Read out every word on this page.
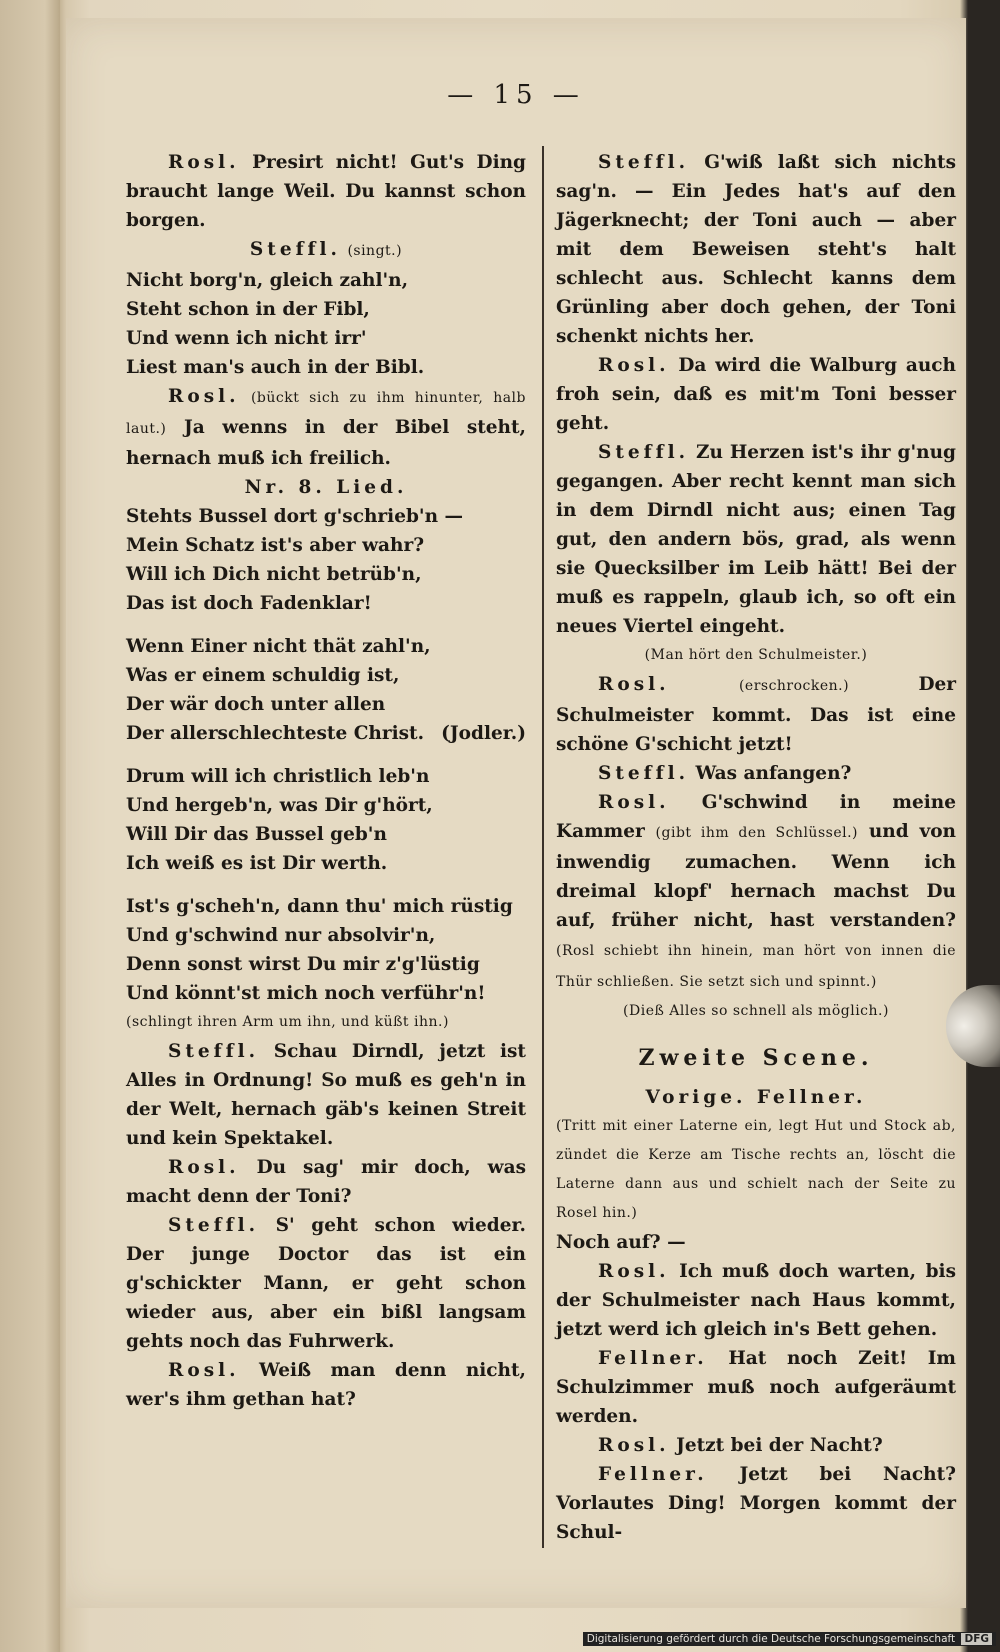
— 15 —

Rosl. Presirt nicht! Gut's Ding braucht lange Weil. Du kannst schon borgen.

Steffl. (singt.)

Nicht borg'n, gleich zahl'n,

Steht schon in der Fibl,

Und wenn ich nicht irr'

Liest man's auch in der Bibl.

Rosl. (bückt sich zu ihm hinunter, halb laut.) Ja wenns in der Bibel steht, hernach muß ich freilich.

Nr. 8. Lied.

Stehts Bussel dort g'schrieb'n —

Mein Schatz ist's aber wahr?

Will ich Dich nicht betrüb'n,

Das ist doch Fadenklar!

Wenn Einer nicht thät zahl'n,

Was er einem schuldig ist,

Der wär doch unter allen

Der allerschlechteste Christ. (Jodler.)

Drum will ich christlich leb'n

Und hergeb'n, was Dir g'hört,

Will Dir das Bussel geb'n

Ich weiß es ist Dir werth.

Ist's g'scheh'n, dann thu' mich rüstig

Und g'schwind nur absolvir'n,

Denn sonst wirst Du mir z'g'lüstig

Und könnt'st mich noch verführ'n!

(schlingt ihren Arm um ihn, und küßt ihn.)

Steffl. Schau Dirndl, jetzt ist Alles in Ordnung! So muß es geh'n in der Welt, hernach gäb's keinen Streit und kein Spektakel.

Rosl. Du sag' mir doch, was macht denn der Toni?

Steffl. S' geht schon wieder. Der junge Doctor das ist ein g'schickter Mann, er geht schon wieder aus, aber ein bißl langsam gehts noch das Fuhrwerk.

Rosl. Weiß man denn nicht, wer's ihm gethan hat?

Steffl. G'wiß laßt sich nichts sag'n. — Ein Jedes hat's auf den Jägerknecht; der Toni auch — aber mit dem Beweisen steht's halt schlecht aus. Schlecht kanns dem Grünling aber doch gehen, der Toni schenkt nichts her.

Rosl. Da wird die Walburg auch froh sein, daß es mit'm Toni besser geht.

Steffl. Zu Herzen ist's ihr g'nug gegangen. Aber recht kennt man sich in dem Dirndl nicht aus; einen Tag gut, den andern bös, grad, als wenn sie Quecksilber im Leib hätt! Bei der muß es rappeln, glaub ich, so oft ein neues Viertel eingeht.

(Man hört den Schulmeister.)

Rosl.	(erschrocken.)	Der Schulmeister kommt. Das ist eine schöne G'schicht jetzt!

Steffl. Was anfangen?

Rosl. G'schwind in meine Kammer (gibt ihm den Schlüssel.) und von inwendig zumachen. Wenn ich dreimal klopf' hernach machst Du auf, früher nicht, hast verstanden? (Rosl schiebt ihn hinein, man hört von innen die Thür schließen. Sie setzt sich und spinnt.)

(Dieß Alles so schnell als möglich.)

Zweite Scene.

Vorige. Fellner.

(Tritt mit einer Laterne ein, legt Hut und Stock ab, zündet die Kerze am Tische rechts an, löscht die Laterne dann aus und schielt nach der Seite zu Rosel hin.)

Noch auf? —

Rosl. Ich muß doch warten, bis der Schulmeister nach Haus kommt, jetzt werd ich gleich in's Bett gehen.

Fellner. Hat noch Zeit! Im Schulzimmer muß noch aufgeräumt werden.

Rosl. Jetzt bei der Nacht?

Fellner. Jetzt bei Nacht? Vorlautes Ding! Morgen kommt der Schul-

Digitalisierung gefördert durch die Deutsche Forschungsgemeinschaft DFG
